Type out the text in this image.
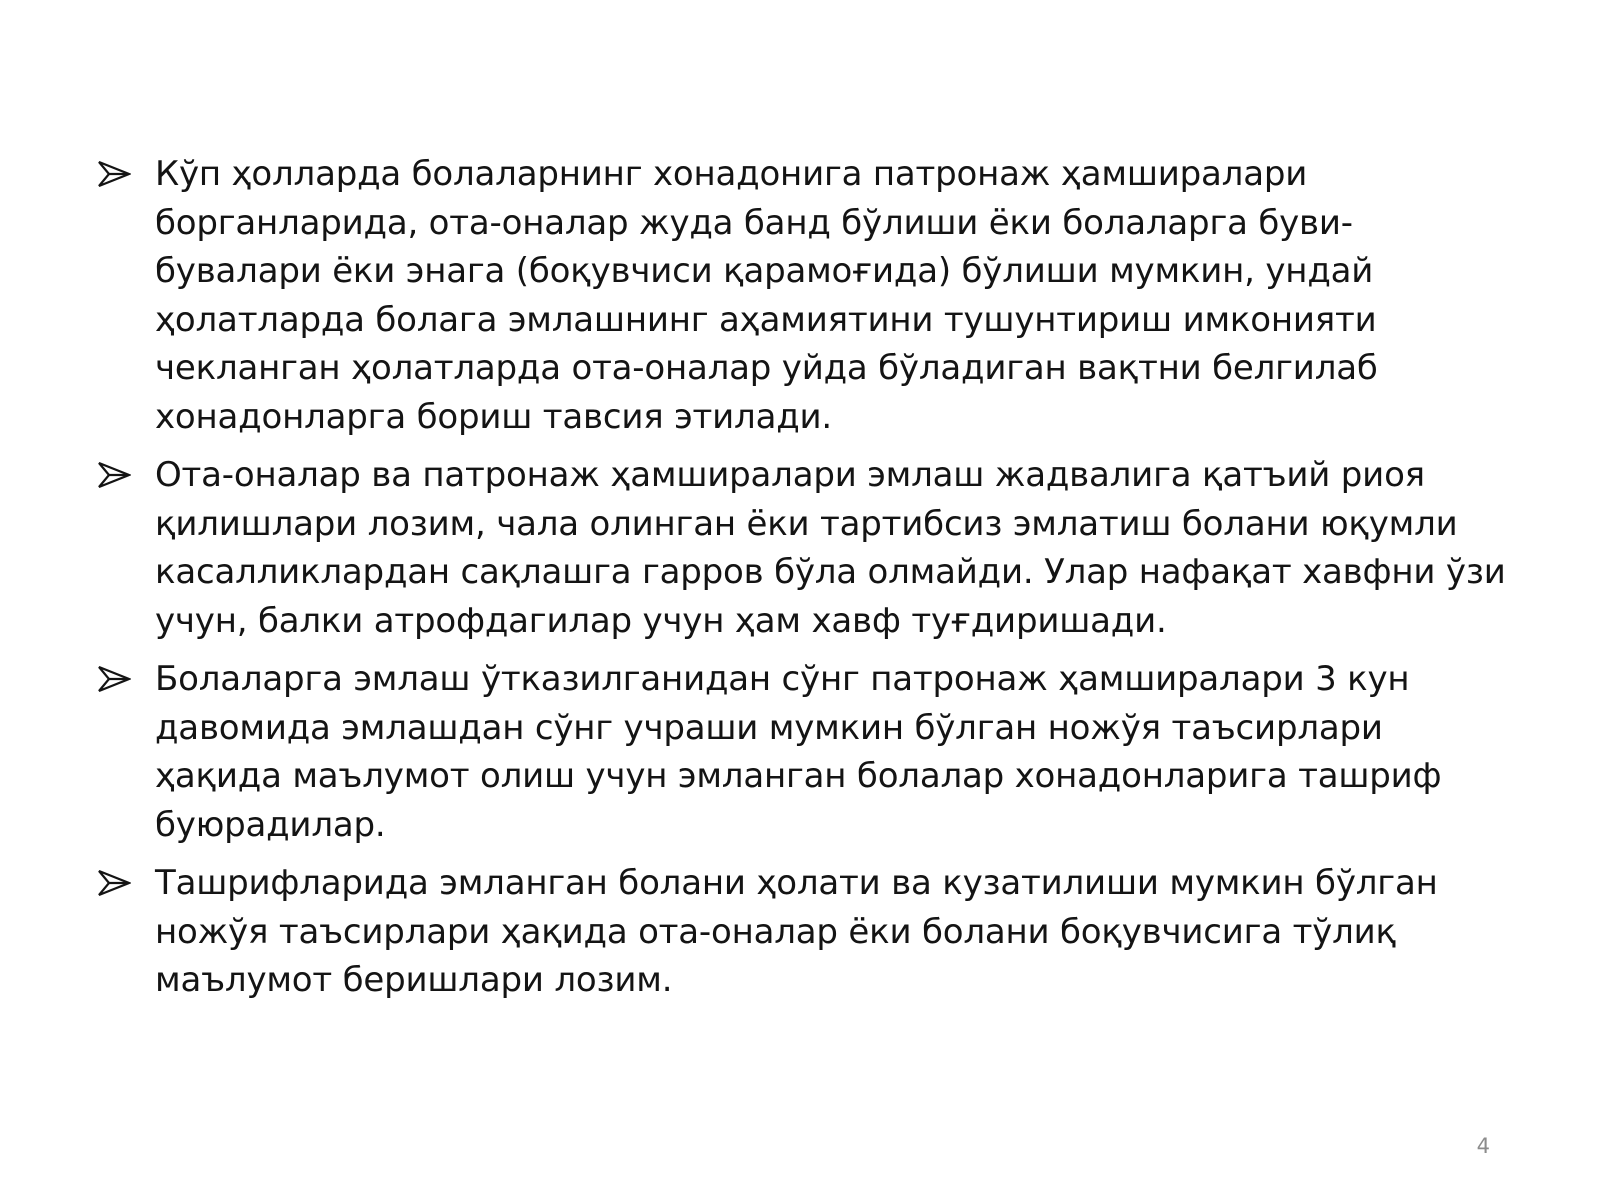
Кўп ҳолларда болаларнинг хонадонига патронаж ҳамширалари борганларида, ота-оналар жуда банд бўлиши ёки болаларга буви-бувалари ёки энага (боқувчиси қарамоғида) бўлиши мумкин, ундай ҳолатларда болага эмлашнинг аҳамиятини тушунтириш имконияти чекланган ҳолатларда ота-оналар уйда бўладиган вақтни белгилаб хонадонларга бориш тавсия этилади.
Ота-оналар ва патронаж ҳамширалари эмлаш жадвалига қатъий риоя қилишлари лозим, чала олинган ёки тартибсиз эмлатиш болани юқумли касалликлардан сақлашга гарров бўла олмайди. Улар нафақат хавфни ўзи учун, балки атрофдагилар учун ҳам хавф туғдиришади.
Болаларга эмлаш ўтказилганидан сўнг патронаж ҳамширалари 3 кун давомида эмлашдан сўнг учраши мумкин бўлган ножўя таъсирлари ҳақида маълумот олиш учун эмланган болалар хонадонларига ташриф буюрадилар.
Ташрифларида эмланган болани ҳолати ва кузатилиши мумкин бўлган ножўя таъсирлари ҳақида ота-оналар ёки болани боқувчисига тўлиқ маълумот беришлари лозим.
4
